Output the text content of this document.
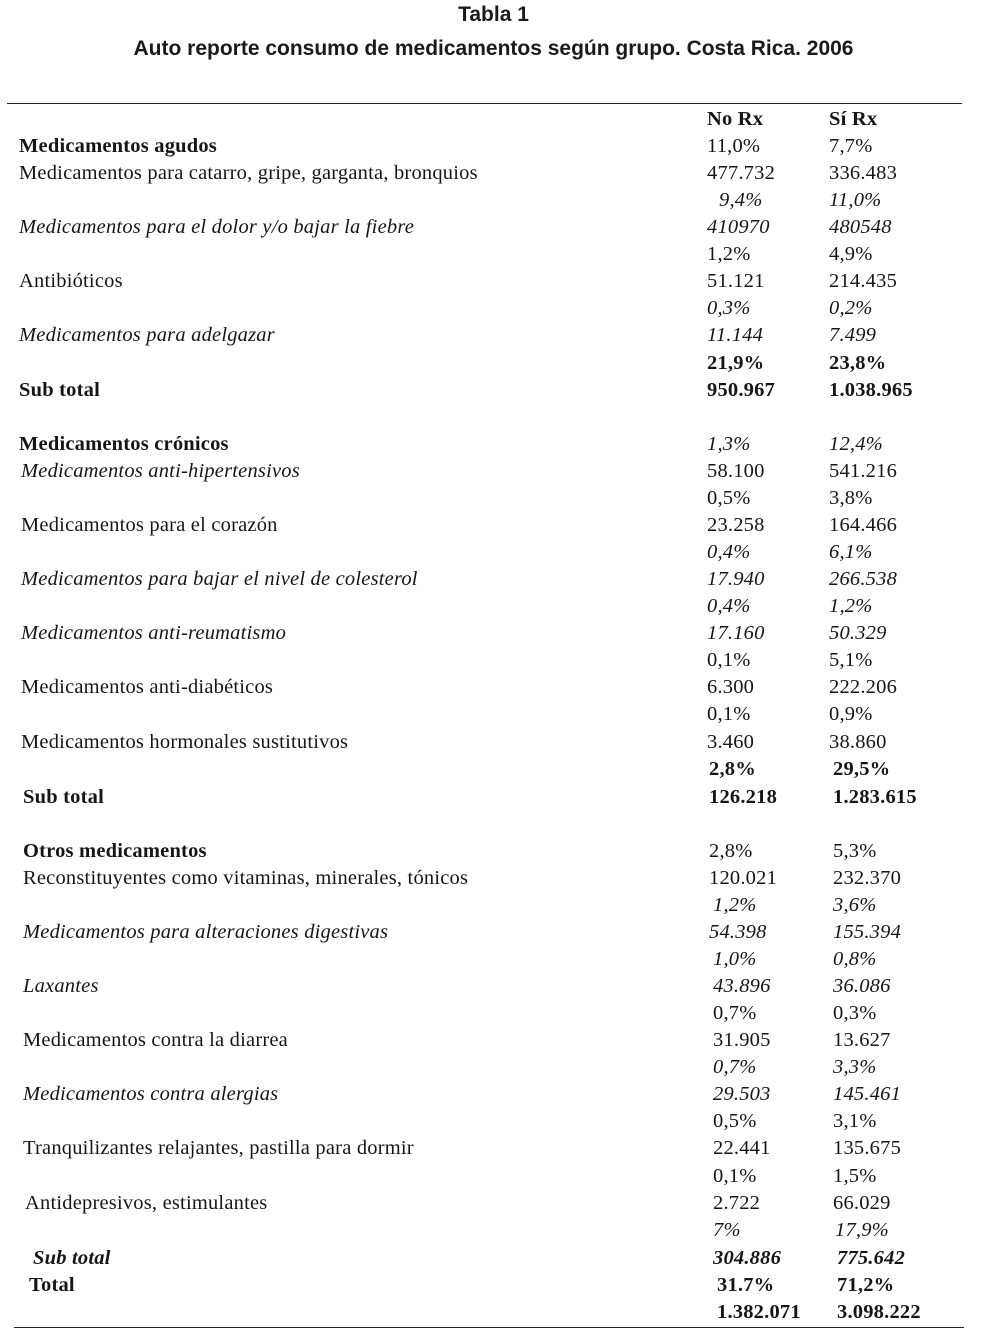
Tabla 1
Auto reporte consumo de medicamentos según grupo. Costa Rica. 2006
No Rx	Sí Rx
Medicamentos agudos	11,0%	7,7%
Medicamentos para catarro, gripe, garganta, bronquios	477.732	336.483
9,4%	11,0%
Medicamentos para el dolor y/o bajar la fiebre	410970	480548
1,2%	4,9%
Antibióticos	51.121	214.435
0,3%	0,2%
Medicamentos para adelgazar	11.144	7.499
21,9%	23,8%
Sub total	950.967	1.038.965
Medicamentos crónicos	1,3%	12,4%
Medicamentos anti-hipertensivos	58.100	541.216
0,5%	3,8%
Medicamentos para el corazón	23.258	164.466
0,4%	6,1%
Medicamentos para bajar el nivel de colesterol	17.940	266.538
0,4%	1,2%
Medicamentos anti-reumatismo	17.160	50.329
0,1%	5,1%
Medicamentos anti-diabéticos	6.300	222.206
0,1%	0,9%
Medicamentos hormonales sustitutivos	3.460	38.860
2,8%	29,5%
Sub total	126.218	1.283.615
Otros medicamentos	2,8%	5,3%
Reconstituyentes como vitaminas, minerales, tónicos	120.021	232.370
1,2%	3,6%
Medicamentos para alteraciones digestivas	54.398	155.394
1,0%	0,8%
Laxantes	43.896	36.086
0,7%	0,3%
Medicamentos contra la diarrea	31.905	13.627
0,7%	3,3%
Medicamentos contra alergias	29.503	145.461
0,5%	3,1%
Tranquilizantes relajantes, pastilla para dormir	22.441	135.675
0,1%	1,5%
Antidepresivos, estimulantes	2.722	66.029
7%	17,9%
Sub total	304.886	775.642
Total	31.7%	71,2%
1.382.071 3.098.222
